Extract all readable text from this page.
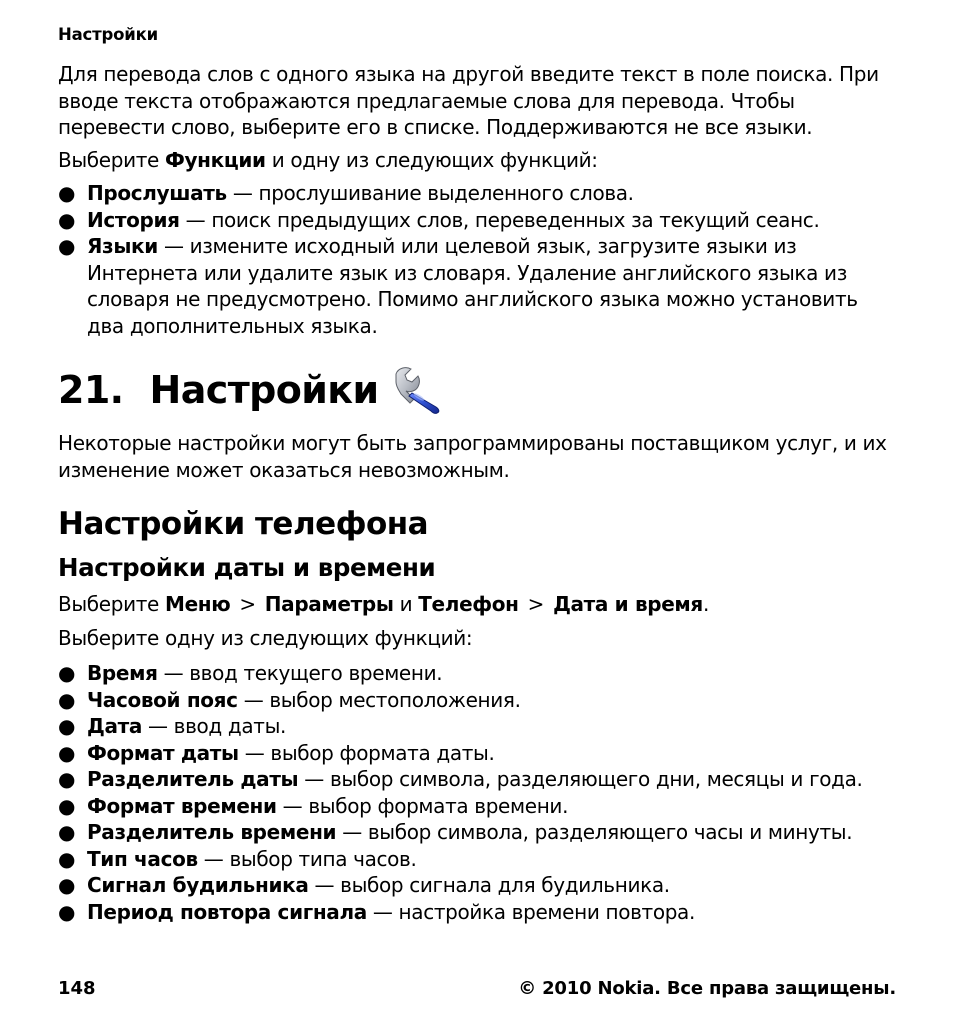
Настройки

Для перевода слов с одного языка на другой введите текст в поле поиска. При вводе текста отображаются предлагаемые слова для перевода. Чтобы перевести слово, выберите его в списке. Поддерживаются не все языки.

Выберите Функции и одну из следующих функций:

● Прослушать — прослушивание выделенного слова.
● История — поиск предыдущих слов, переведенных за текущий сеанс.
● Языки — измените исходный или целевой язык, загрузите языки из Интернета или удалите язык из словаря. Удаление английского языка из словаря не предусмотрено. Помимо английского языка можно установить два дополнительных языка.
21. Настройки

Некоторые настройки могут быть запрограммированы поставщиком услуг, и их изменение может оказаться невозможным.

Настройки телефона
Настройки даты и времени

Выберите Меню > Параметры и Телефон > Дата и время.

Выберите одну из следующих функций:

● Время — ввод текущего времени.
● Часовой пояс — выбор местоположения.
● Дата — ввод даты.
● Формат даты — выбор формата даты.
● Разделитель даты — выбор символа, разделяющего дни, месяцы и года.
● Формат времени — выбор формата времени.
● Разделитель времени — выбор символа, разделяющего часы и минуты.
● Тип часов — выбор типа часов.
● Сигнал будильника — выбор сигнала для будильника.
● Период повтора сигнала — настройка времени повтора.
148	© 2010 Nokia. Все права защищены.
